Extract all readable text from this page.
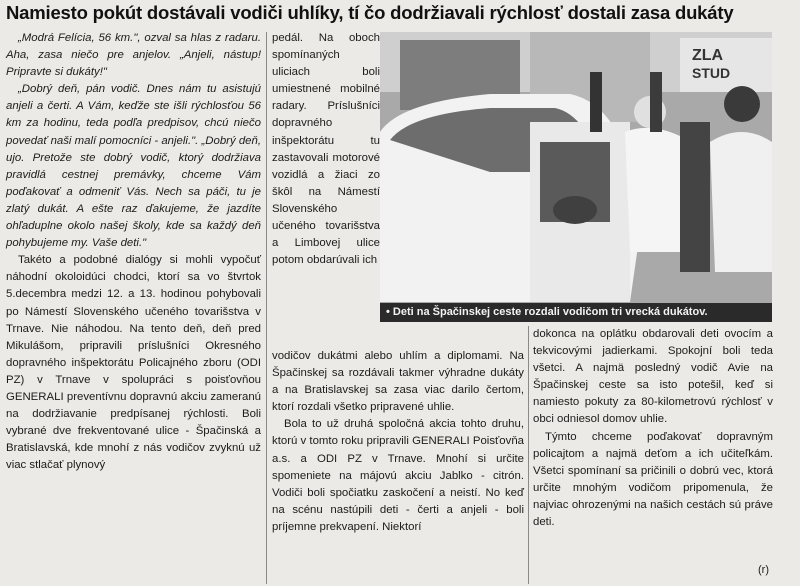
Namiesto pokút dostávali vodiči uhlíky, tí čo dodržiavali rýchlosť dostali zasa dukáty

„Modrá Felícia, 56 km.", ozval sa hlas z radaru. Aha, zasa niečo pre anjelov. „Anjeli, nástup! Pripravte si dukáty!"

„Dobrý deň, pán vodič. Dnes nám tu asistujú anjeli a čerti. A Vám, keďže ste išli rýchlosťou 56 km za hodinu, teda podľa predpisov, chcú niečo povedať naši malí pomocníci - anjeli.". „Dobrý deň, ujo. Pretože ste dobrý vodič, ktorý dodržiava pravidlá cestnej premávky, chceme Vám poďakovať a odmeniť Vás. Nech sa páči, tu je zlatý dukát. A ešte raz ďakujeme, že jazdíte ohľaduplne okolo našej školy, kde sa každý deň pohybujeme my. Vaše deti."

Takéto a podobné dialógy si mohli vypočuť náhodní okoloidúci chodci, ktorí sa vo štvrtok 5.decembra medzi 12. a 13. hodinou pohybovali po Námestí Slovenského učeného tovarišstva v Trnave. Nie náhodou. Na tento deň, deň pred Mikulášom, pripravili príslušníci Okresného dopravného inšpektorátu Policajného zboru (ODI PZ) v Trnave v spolupráci s poisťovňou GENERALI preventívnu dopravnú akciu zameranú na dodržiavanie predpísanej rýchlosti. Boli vybrané dve frekventované ulice - Špačinská a Bratislavská, kde mnohí z nás vodičov zvyknú už viac stlačať plynový

pedál. Na oboch spomínaných uliciach boli umiestnené mobilné radary. Príslušníci dopravného inšpektorátu tu zastavovali motorové vozidlá a žiaci zo škôl na Námestí Slovenského učeného tovarišstva a Limbovej ulice potom obdarúvali ich

ZLA
STUD
• Deti na Špačinskej ceste rozdali vodičom tri vrecká dukátov.

vodičov dukátmi alebo uhlím a diplomami. Na Špačinskej sa rozdávali takmer výhradne dukáty a na Bratislavskej sa zasa viac darilo čertom, ktorí rozdali všetko pripravené uhlie.

Bola to už druhá spoločná akcia tohto druhu, ktorú v tomto roku pripravili GENERALI Poisťovňa a.s. a ODI PZ v Trnave. Mnohí si určite spomeniete na májovú akciu Jablko - citrón. Vodiči boli spočiatku zaskočení a neistí. No keď na scénu nastúpili deti - čerti a anjeli - boli príjemne prekvapení. Niektorí

dokonca na oplátku obdarovali deti ovocím a tekvicovými jadierkami. Spokojní boli teda všetci. A najmä posledný vodič Avie na Špačinskej ceste sa isto potešil, keď si namiesto pokuty za 80-kilometrovú rýchlosť v obci odniesol domov uhlie.

Týmto chceme poďakovať dopravným policajtom a najmä deťom a ich učiteľkám. Všetci spomínaní sa pričinili o dobrú vec, ktorá určite mnohým vodičom pripomenula, že najviac ohrozenými na našich cestách sú práve deti.

(r)
